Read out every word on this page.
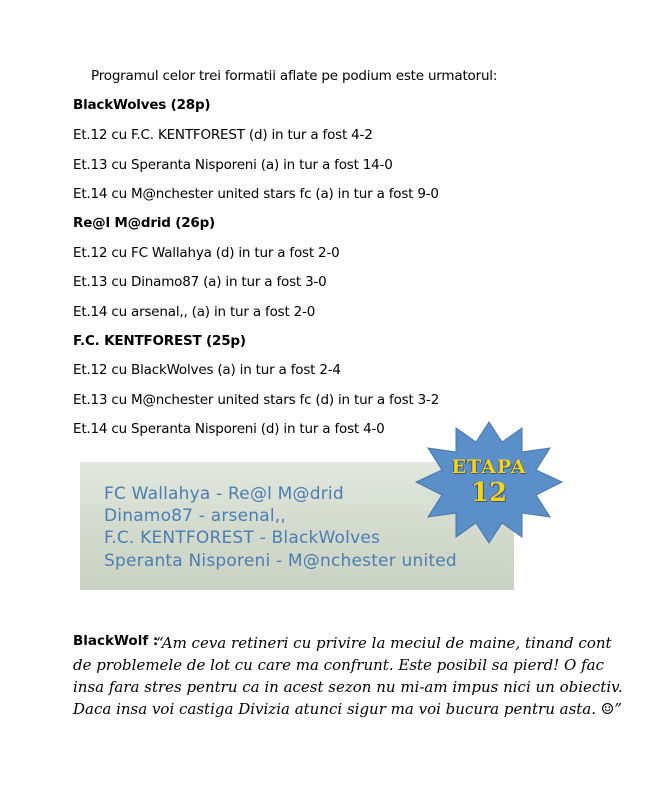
Programul celor trei formatii aflate pe podium este urmatorul:
BlackWolves (28p)
Et.12 cu F.C. KENTFOREST (d) in tur a fost 4-2
Et.13 cu Speranta Nisporeni (a) in tur a fost 14-0
Et.14 cu M@nchester united stars fc (a) in tur a fost 9-0
Re@l M@drid (26p)
Et.12 cu FC Wallahya (d) in tur a fost 2-0
Et.13 cu Dinamo87 (a) in tur a fost 3-0
Et.14 cu arsenal,, (a) in tur a fost 2-0
F.C. KENTFOREST (25p)
Et.12 cu BlackWolves (a) in tur a fost 2-4
Et.13 cu M@nchester united stars fc (d) in tur a fost 3-2
Et.14 cu Speranta Nisporeni (d) in tur a fost 4-0
FC Wallahya - Re@l M@drid
Dinamo87 - arsenal,,
F.C. KENTFOREST - BlackWolves
Speranta Nisporeni - M@nchester united
ETAPA
12
BlackWolf :

“Am ceva retineri cu privire la meciul de maine, tinand cont
de problemele de lot cu care ma confrunt. Este posibil sa pierd! O fac
insa fara stres pentru ca in acest sezon nu mi-am impus nici un obiectiv.
Daca insa voi castiga Divizia atunci sigur ma voi bucura pentru asta. ☺”
